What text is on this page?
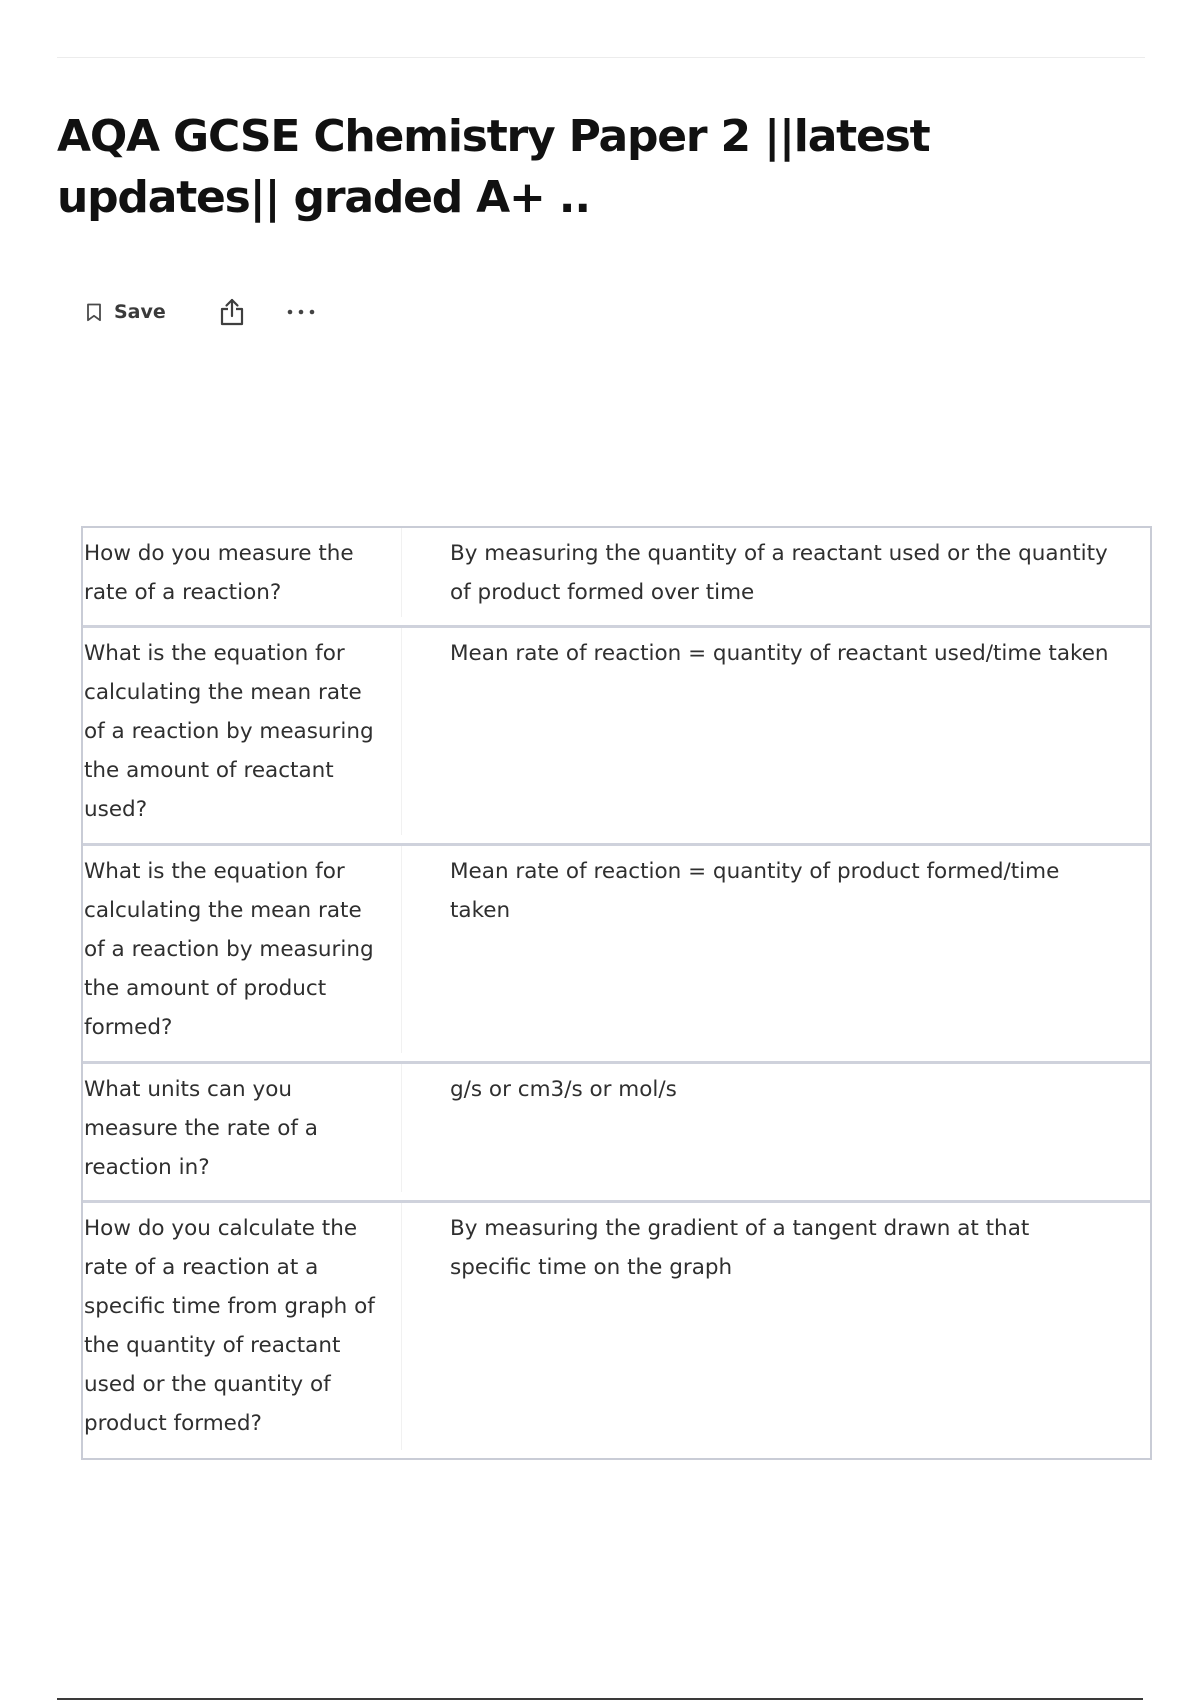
AQA GCSE Chemistry Paper 2 ||latest updates|| graded A+ ..
Save
How do you measure the rate of a reaction?
By measuring the quantity of a reactant used or the quantity of product formed over time
What is the equation for calculating the mean rate of a reaction by measuring the amount of reactant used?
Mean rate of reaction = quantity of reactant used/time taken
What is the equation for calculating the mean rate of a reaction by measuring the amount of product formed?
Mean rate of reaction = quantity of product formed/time taken
What units can you measure the rate of a reaction in?
g/s or cm3/s or mol/s
How do you calculate the rate of a reaction at a specific time from graph of the quantity of reactant used or the quantity of product formed?
By measuring the gradient of a tangent drawn at that specific time on the graph
